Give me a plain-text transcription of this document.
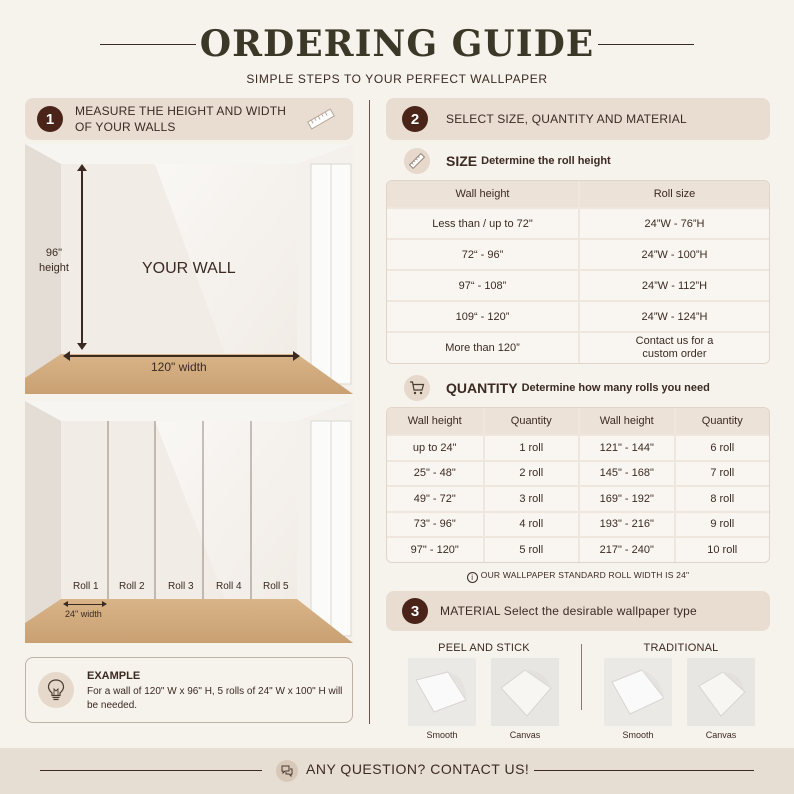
ORDERING GUIDE
SIMPLE STEPS TO YOUR PERFECT WALLPAPER
1	MEASURE THE HEIGHT AND WIDTH
OF YOUR WALLS
96"
height	YOUR WALL
120" width
Roll 1 Roll 2 Roll 3 Roll 4 Roll 5
24" width
EXAMPLE
For a wall of 120" W x 96" H, 5 rolls of 24" W x 100" H will be needed.
2	SELECT SIZE, QUANTITY AND MATERIAL
SIZE Determine the roll height
Wall height	Roll size
Less than / up to 72"	24”W - 76”H
72“ - 96”	24”W - 100”H
97“ - 108”	24”W - 112”H
109“ - 120”	24”W - 124”H
More than 120”	Contact us for a custom order
QUANTITY Determine how many rolls you need
Wall height	Quantity	Wall height	Quantity
up to 24"	1 roll	121" - 144"	6 roll
25" - 48"	2 roll	145" - 168"	7 roll
49" - 72"	3 roll	169" - 192"	8 roll
73" - 96"	4 roll	193" - 216"	9 roll
97" - 120"	5 roll	217" - 240"	10 roll
i OUR WALLPAPER STANDARD ROLL WIDTH IS 24"
3	MATERIAL Select the desirable wallpaper type
PEEL AND STICK	TRADITIONAL
Smooth	Canvas	Smooth	Canvas
ANY QUESTION? CONTACT US!
